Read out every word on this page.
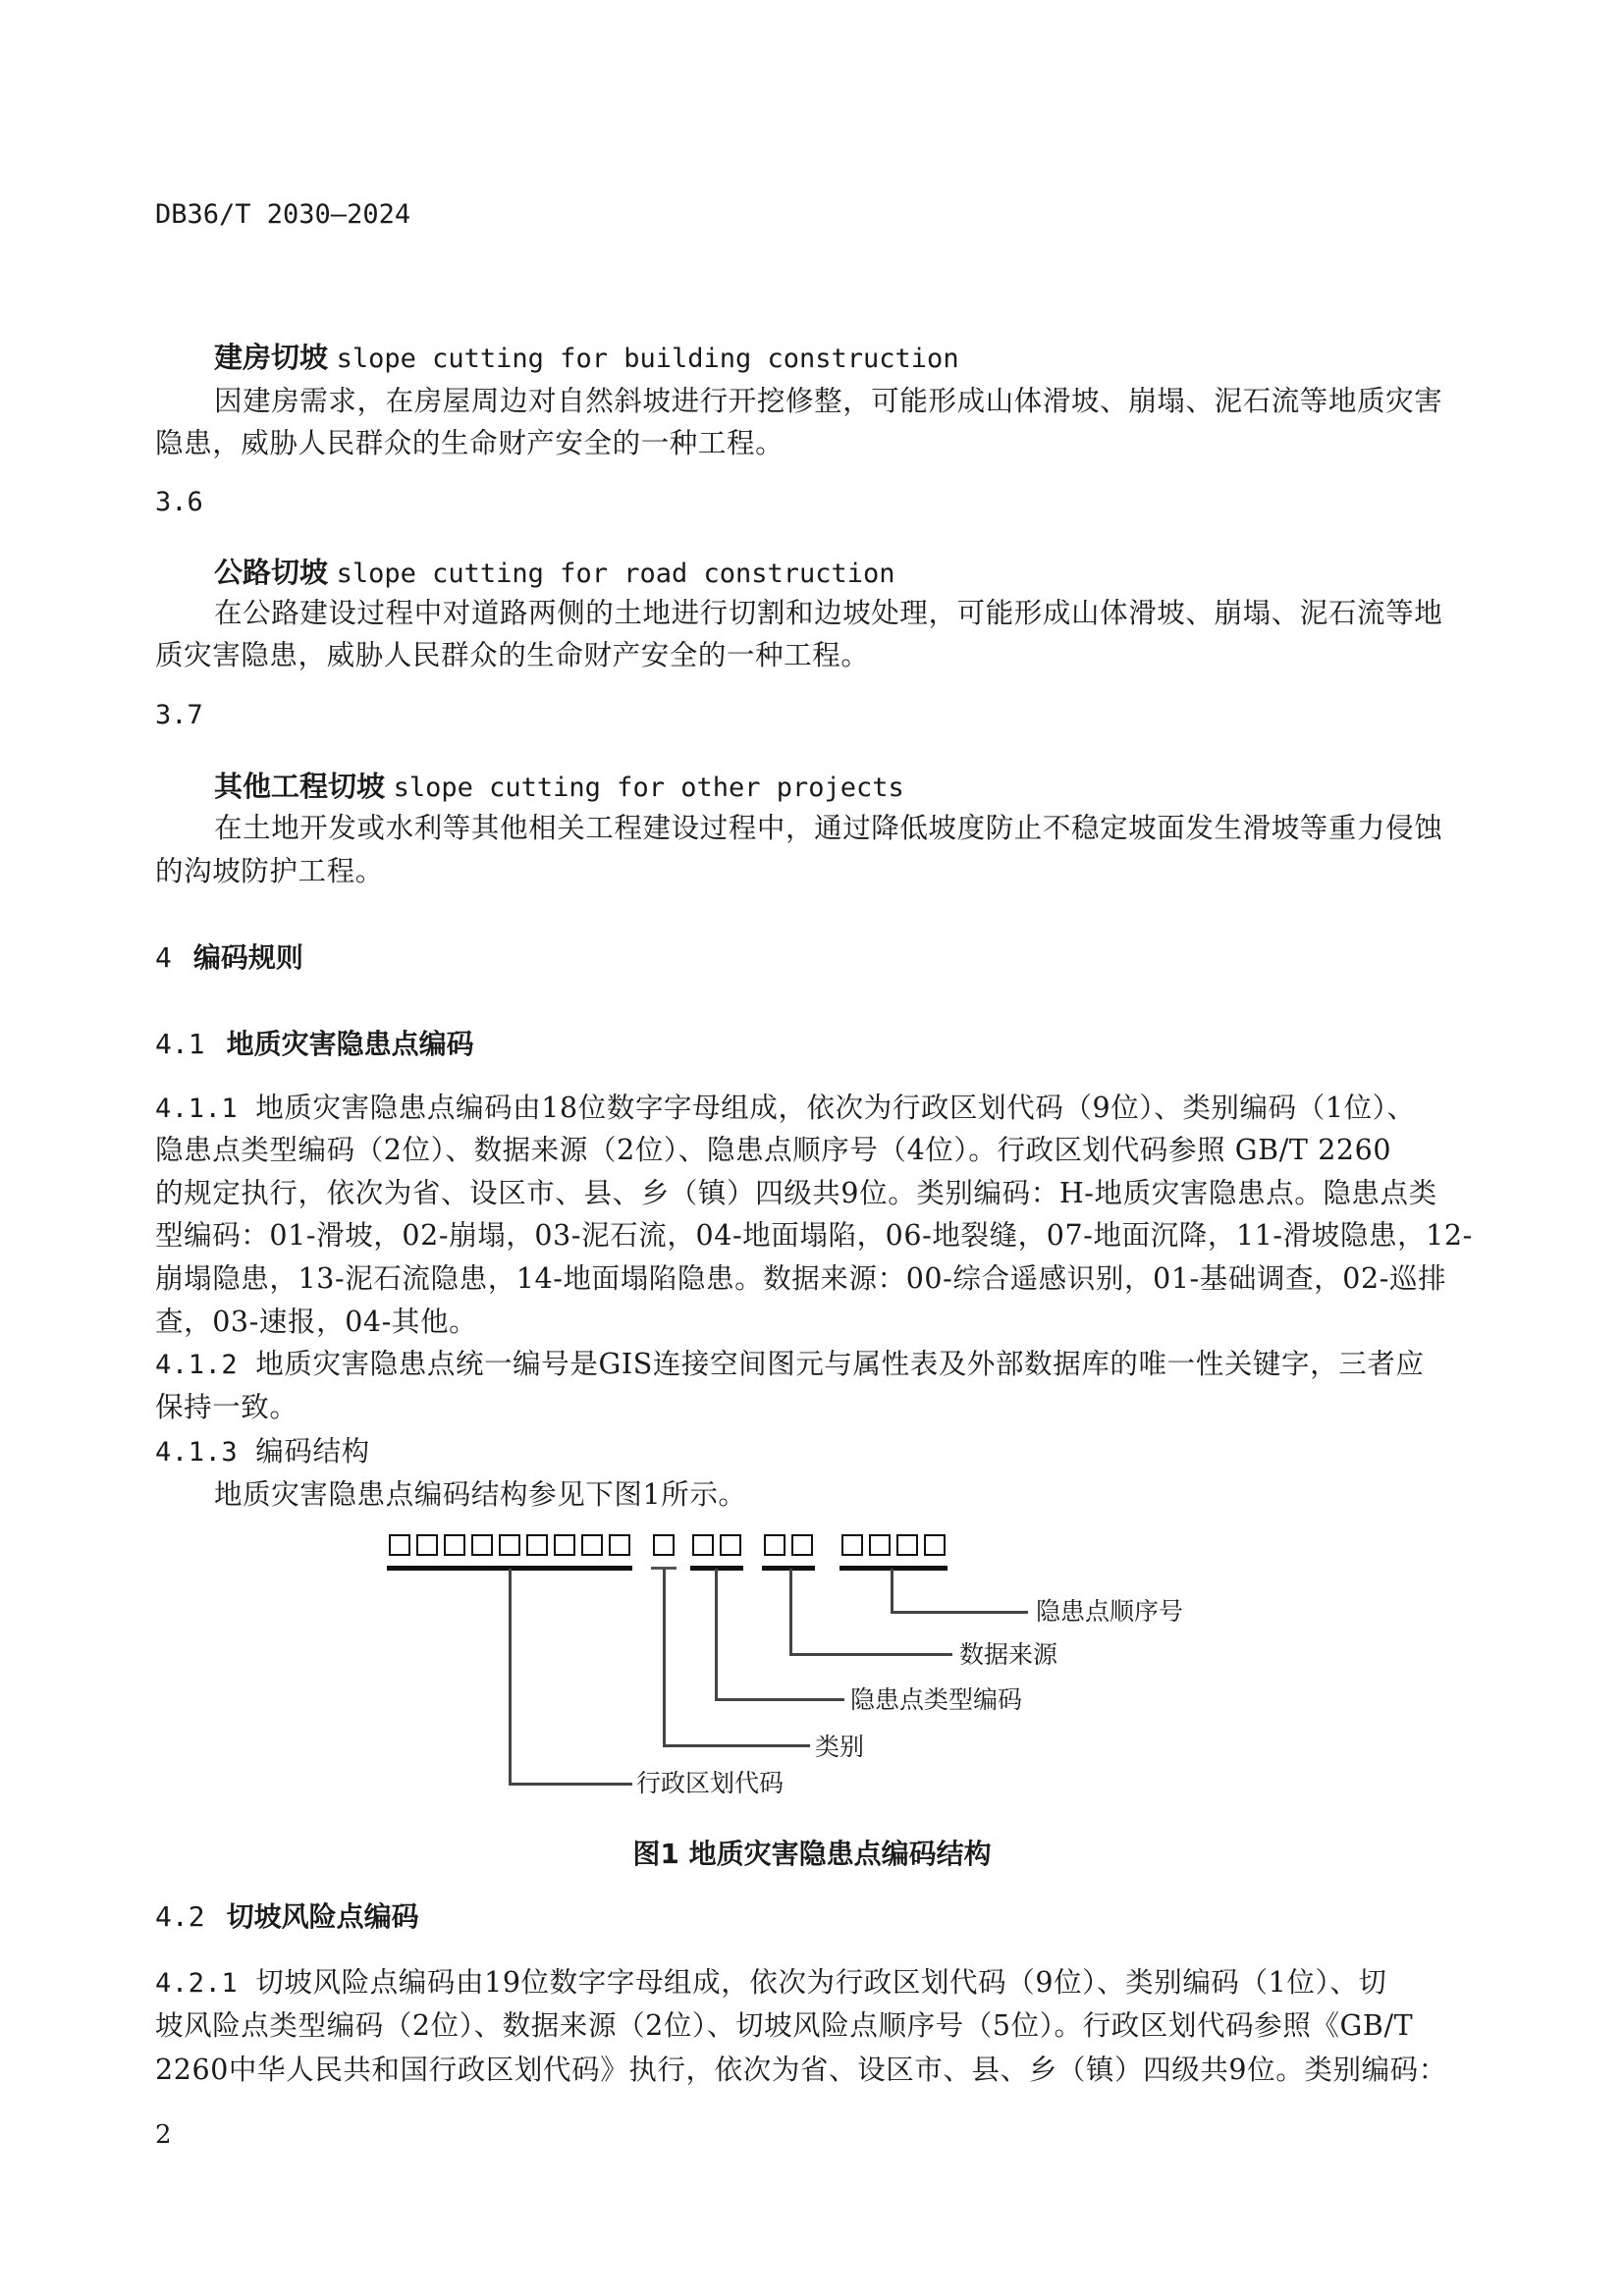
DB36/T 2030—2024
建房切坡 slope cutting for building construction
因建房需求，在房屋周边对自然斜坡进行开挖修整，可能形成山体滑坡、崩塌、泥石流等地质灾害
隐患，威胁人民群众的生命财产安全的一种工程。
3.6
公路切坡 slope cutting for road construction
在公路建设过程中对道路两侧的土地进行切割和边坡处理，可能形成山体滑坡、崩塌、泥石流等地
质灾害隐患，威胁人民群众的生命财产安全的一种工程。
3.7
其他工程切坡 slope cutting for other projects
在土地开发或水利等其他相关工程建设过程中，通过降低坡度防止不稳定坡面发生滑坡等重力侵蚀
的沟坡防护工程。
4 编码规则
4.1 地质灾害隐患点编码
4.1.1 地质灾害隐患点编码由18位数字字母组成，依次为行政区划代码（9位）、类别编码（1位）、
隐患点类型编码（2位）、数据来源（2位）、隐患点顺序号（4位）。行政区划代码参照 GB/T 2260
的规定执行，依次为省、设区市、县、乡（镇）四级共9位。类别编码：H-地质灾害隐患点。隐患点类
型编码：01-滑坡，02-崩塌，03-泥石流，04-地面塌陷，06-地裂缝，07-地面沉降，11-滑坡隐患，12-
崩塌隐患，13-泥石流隐患，14-地面塌陷隐患。数据来源：00-综合遥感识别，01-基础调查，02-巡排
查，03-速报，04-其他。
4.1.2 地质灾害隐患点统一编号是GIS连接空间图元与属性表及外部数据库的唯一性关键字，三者应
保持一致。
4.1.3 编码结构
地质灾害隐患点编码结构参见下图1所示。
隐患点顺序号
数据来源
隐患点类型编码
类别
行政区划代码
图1 地质灾害隐患点编码结构
4.2 切坡风险点编码
4.2.1 切坡风险点编码由19位数字字母组成，依次为行政区划代码（9位）、类别编码（1位）、切
坡风险点类型编码（2位）、数据来源（2位）、切坡风险点顺序号（5位）。行政区划代码参照《GB/T
2260中华人民共和国行政区划代码》执行，依次为省、设区市、县、乡（镇）四级共9位。类别编码：
2
